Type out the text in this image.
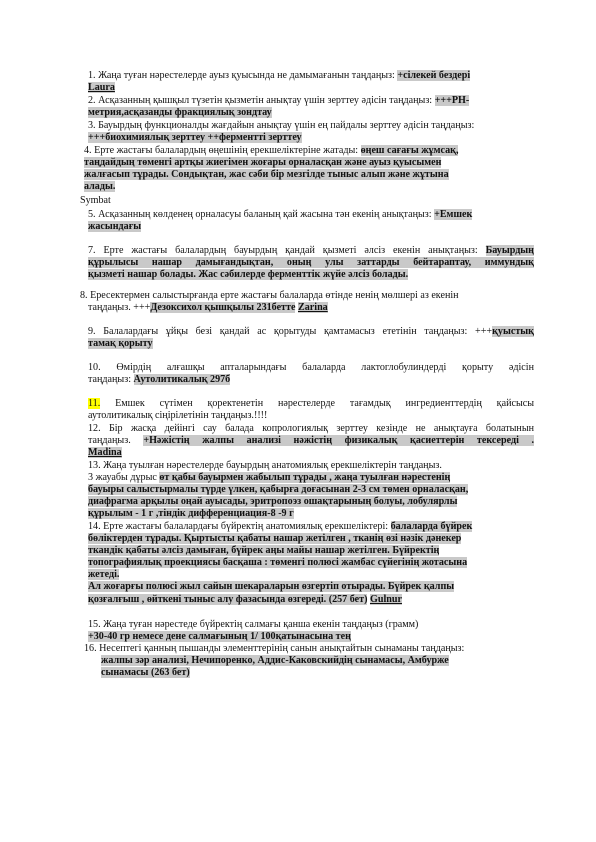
1. Жаңа туған нәрестелерде ауыз қуысында не дамымағанын таңдаңыз: +сілекей бездері
Laura
2. Асқазанның қышқыл түзетін қызметін анықтау үшін зерттеу әдісін таңдаңыз: +++PH-
метрия,асқазанды фракциялық зондтау
3. Бауырдың функционалды жағдайын анықтау үшін ең пайдалы зерттеу әдісін таңдаңыз:
+++биохимиялық зерттеу ++ферменттi зерттеу
4. Ерте жастағы балалардың өңешінің ерекшеліктеріне жатады: өңеш сағағы жұмсақ,
таңдайдың төменгі артқы жиегімен жоғары орналасқан және ауыз қуысымен
жалғасып тұрады. Сондықтан, жас сәби бір мезгілде тыныс алып және жұтына
алады.
Symbat
5. Асқазанның көлденең орналасуы баланың қай жасына тән екенің анықтаңыз: +Емшек
жасындағы
7. Ерте жастағы балалардың бауырдың қандай қызметі әлсіз екенін анықтаңыз: Бауырдың
құрылысы нашар дамығандықтан, оның улы заттарды бейтараптау, иммундық
қызметі нашар болады. Жас сәбилерде ферменттік жүйе әлсіз болады.
8. Ересектермен салыстырғанда ерте жастағы балаларда өтінде ненің мөлшері аз екенін
таңдаңыз. +++Дезоксихол қышқылы 231бетте Zarina
9. Балалардағы ұйқы безі қандай ас қорытуды қамтамасыз ететінін таңдаңыз: +++қуыстық
тамақ қорыту
10. Өмірдің алғашқы апталарындағы балаларда лактоглобулиндерді қорыту әдісін
таңдаңыз: Аутолитикалық 297б
11. Емшек сүтімен қоректенетін нәрестелерде тағамдық ингредиенттердің қайсысы
аутолитикалық сіңірілетінін таңдаңыз.!!!!
12. Бір жасқа дейінгі сау балада копрологиялық зерттеу кезінде не анықтауға болатынын
таңдаңыз. +Нәжістің жалпы анализі нәжістің физикалық қасиеттерін тексереді .
Madina
13. Жаңа туылған нәрестелерде бауырдың анатомиялық ерекшеліктерін таңдаңыз.
3 жауабы дұрыс өт қабы бауырмен жабылып тұрады , жаңа туылған нәрестенің
бауыры салыстырмалы түрде үлкен, қабырға доғасынан 2-3 см төмен орналасқан,
диафрагма арқылы оңай ауысады, эритропоэз ошақтарының болуы, лобулярлы
құрылым - 1 г ,тіндік дифференциация-8 -9 г
14. Ерте жастағы балалардағы бүйректің анатомиялық ерекшеліктері: балаларда бүйрек
бөліктерден тұрады. Қыртысты қабаты нашар жетілген , тканің өзі нәзік дәнекер
ткандік қабаты әлсіз дамыған, бүйрек аңы майы нашар жетілген. Бүйректің
топографиялық проекциясы басқаша : төменгі полюсі жамбас сүйегінің жотасына
жетеді.
Ал жоғарғы полюсі жыл сайын шекараларын өзгертіп отырады. Бүйрек қалпы
қозғалғыш , өйткені тыныс алу фазасында өзгереді. (257 бет) Gulnur
15. Жаңа туған нәрестеде бүйректің салмағы қанша екенін таңдаңыз (грамм)
+30-40 гр немесе дене салмағының 1/ 100қатынасына тең
16. Несептегі қанның пышанды элементтерінің санын анықтайтын сынаманы таңдаңыз:
жалпы зәр анализі, Нечипоренко, Аддис-Каковскийдің сынамасы, Амбурже
сынамасы (263 бет)
